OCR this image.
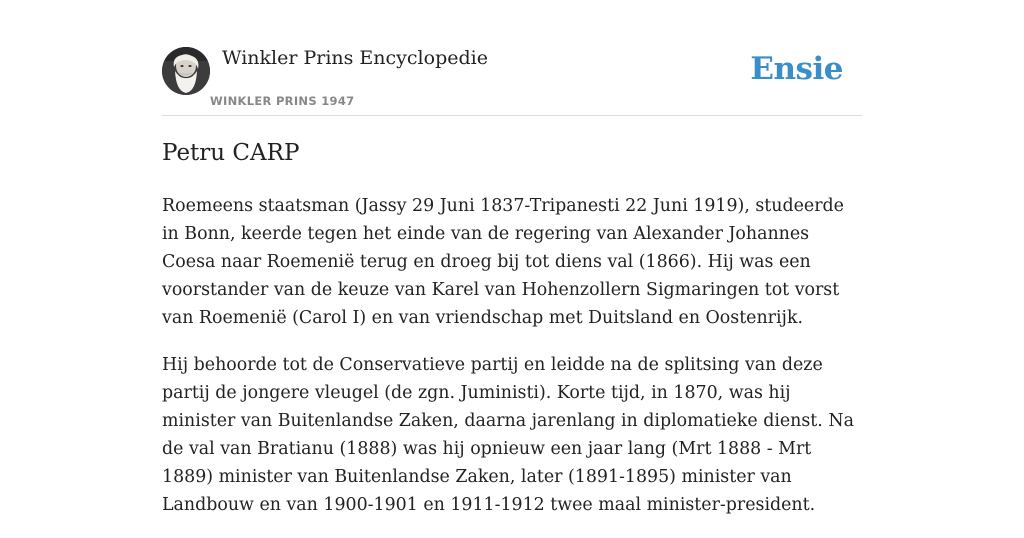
Winkler Prins Encyclopedie
WINKLER PRINS 1947
Ensie
Petru CARP

Roemeens staatsman (Jassy 29 Juni 1837-Tripanesti 22 Juni 1919), studeerde in Bonn, keerde tegen het einde van de regering van Alexander Johannes Coesa naar Roemenië terug en droeg bij tot diens val (1866). Hij was een voorstander van de keuze van Karel van Hohenzollern Sigmaringen tot vorst van Roemenië (Carol I) en van vriendschap met Duitsland en Oostenrijk.

Hij behoorde tot de Conservatieve partij en leidde na de splitsing van deze partij de jongere vleugel (de zgn. Juministi). Korte tijd, in 1870, was hij minister van Buitenlandse Zaken, daarna jarenlang in diplomatieke dienst. Na de val van Bratianu (1888) was hij opnieuw een jaar lang (Mrt 1888 - Mrt 1889) minister van Buitenlandse Zaken, later (1891-1895) minister van Landbouw en van 1900-1901 en 1911-1912 twee maal minister-president.
